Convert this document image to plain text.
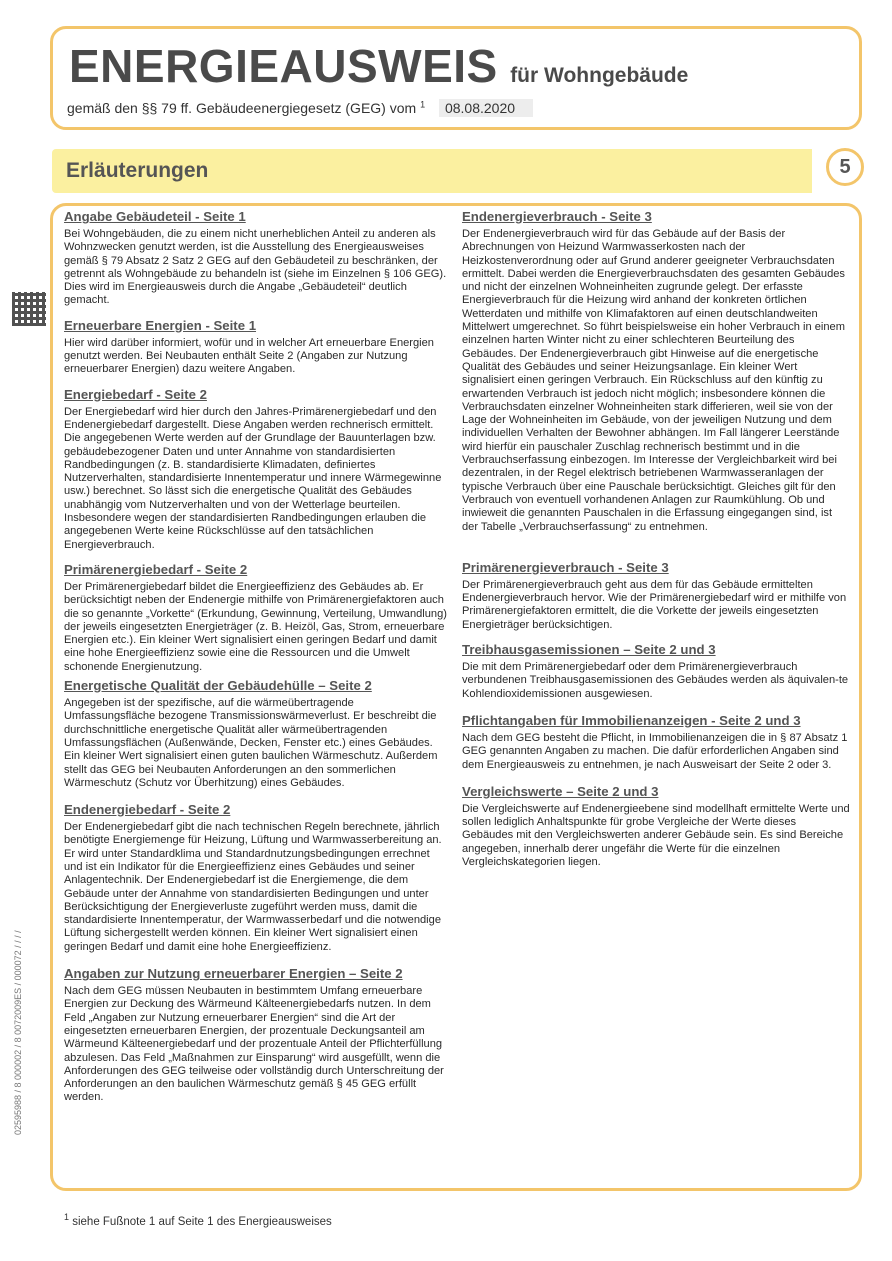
ENERGIEAUSWEIS für Wohngebäude
gemäß den §§ 79 ff. Gebäudeenergiegesetz (GEG) vom $^1$ 08.08.2020
Erläuterungen	5
02595988 / 8 000002 / 8 0072009ES / 000072 / / / /
Angabe Gebäudeteil - Seite 1

Bei Wohngebäuden, die zu einem nicht unerheblichen Anteil zu anderen als Wohnzwecken genutzt werden, ist die Ausstellung des Energieausweises gemäß § 79 Absatz 2 Satz 2 GEG auf den Gebäudeteil zu beschränken, der getrennt als Wohngebäude zu behandeln ist (siehe im Einzelnen § 106 GEG). Dies wird im Energieausweis durch die Angabe „Gebäudeteil“ deutlich gemacht.

Erneuerbare Energien - Seite 1

Hier wird darüber informiert, wofür und in welcher Art erneuerbare Energien genutzt werden. Bei Neubauten enthält Seite 2 (Angaben zur Nutzung erneuerbarer Energien) dazu weitere Angaben.

Energiebedarf - Seite 2

Der Energiebedarf wird hier durch den Jahres-Primärenergiebedarf und den Endenergiebedarf dargestellt. Diese Angaben werden rechnerisch ermittelt. Die angegebenen Werte werden auf der Grundlage der Bauunterlagen bzw. gebäudebezogener Daten und unter Annahme von standardisierten Randbedingungen (z. B. standardisierte Klimadaten, definiertes Nutzerverhalten, standardisierte Innentemperatur und innere Wärmegewinne usw.) berechnet. So lässt sich die energetische Qualität des Gebäudes unabhängig vom Nutzerverhalten und von der Wetterlage beurteilen. Insbesondere wegen der standardisierten Randbedingungen erlauben die angegebenen Werte keine Rückschlüsse auf den tatsächlichen Energieverbrauch.

Primärenergiebedarf - Seite 2

Der Primärenergiebedarf bildet die Energieeffizienz des Gebäudes ab. Er berücksichtigt neben der Endenergie mithilfe von Primärenergiefaktoren auch die so genannte „Vorkette“ (Erkundung, Gewinnung, Verteilung, Umwandlung) der jeweils eingesetzten Energieträger (z. B. Heizöl, Gas, Strom, erneuerbare Energien etc.). Ein kleiner Wert signalisiert einen geringen Bedarf und damit eine hohe Energieeffizienz sowie eine die Ressourcen und die Umwelt schonende Energienutzung.

Energetische Qualität der Gebäudehülle – Seite 2

Angegeben ist der spezifische, auf die wärmeübertragende Umfassungsfläche bezogene Transmissionswärmeverlust. Er beschreibt die durchschnittliche energetische Qualität aller wärmeübertragenden Umfassungsflächen (Außenwände, Decken, Fenster etc.) eines Gebäudes. Ein kleiner Wert signalisiert einen guten baulichen Wärmeschutz. Außerdem stellt das GEG bei Neubauten Anforderungen an den sommerlichen Wärmeschutz (Schutz vor Überhitzung) eines Gebäudes.

Endenergiebedarf - Seite 2

Der Endenergiebedarf gibt die nach technischen Regeln berechnete, jährlich benötigte Energiemenge für Heizung, Lüftung und Warmwasserbereitung an. Er wird unter Standardklima und Standardnutzungsbedingungen errechnet und ist ein Indikator für die Energieeffizienz eines Gebäudes und seiner Anlagentechnik. Der Endenergiebedarf ist die Energiemenge, die dem Gebäude unter der Annahme von standardisierten Bedingungen und unter Berücksichtigung der Energieverluste zugeführt werden muss, damit die standardisierte Innentemperatur, der Warmwasserbedarf und die notwendige Lüftung sichergestellt werden können. Ein kleiner Wert signalisiert einen geringen Bedarf und damit eine hohe Energieeffizienz.

Angaben zur Nutzung erneuerbarer Energien – Seite 2

Nach dem GEG müssen Neubauten in bestimmtem Umfang erneuerbare Energien zur Deckung des Wärmeund Kälteenergiebedarfs nutzen. In dem Feld „Angaben zur Nutzung erneuerbarer Energien“ sind die Art der eingesetzten erneuerbaren Energien, der prozentuale Deckungsanteil am Wärmeund Kälteenergiebedarf und der prozentuale Anteil der Pflichterfüllung abzulesen. Das Feld „Maßnahmen zur Einsparung“ wird ausgefüllt, wenn die Anforderungen des GEG teilweise oder vollständig durch Unterschreitung der Anforderungen an den baulichen Wärmeschutz gemäß § 45 GEG erfüllt werden.

Endenergieverbrauch - Seite 3

Der Endenergieverbrauch wird für das Gebäude auf der Basis der Abrechnungen von Heizund Warmwasserkosten nach der Heizkostenverordnung oder auf Grund anderer geeigneter Verbrauchsdaten ermittelt. Dabei werden die Energieverbrauchsdaten des gesamten Gebäudes und nicht der einzelnen Wohneinheiten zugrunde gelegt. Der erfasste Energieverbrauch für die Heizung wird anhand der konkreten örtlichen Wetterdaten und mithilfe von Klimafaktoren auf einen deutschlandweiten Mittelwert umgerechnet. So führt beispielsweise ein hoher Verbrauch in einem einzelnen harten Winter nicht zu einer schlechteren Beurteilung des Gebäudes. Der Endenergieverbrauch gibt Hinweise auf die energetische Qualität des Gebäudes und seiner Heizungsanlage. Ein kleiner Wert signalisiert einen geringen Verbrauch. Ein Rückschluss auf den künftig zu erwartenden Verbrauch ist jedoch nicht möglich; insbesondere können die Verbrauchsdaten einzelner Wohneinheiten stark differieren, weil sie von der Lage der Wohneinheiten im Gebäude, von der jeweiligen Nutzung und dem individuellen Verhalten der Bewohner abhängen. Im Fall längerer Leerstände wird hierfür ein pauschaler Zuschlag rechnerisch bestimmt und in die Verbrauchserfassung einbezogen. Im Interesse der Vergleichbarkeit wird bei dezentralen, in der Regel elektrisch betriebenen Warmwasseranlagen der typische Verbrauch über eine Pauschale berücksichtigt. Gleiches gilt für den Verbrauch von eventuell vorhandenen Anlagen zur Raumkühlung. Ob und inwieweit die genannten Pauschalen in die Erfassung eingegangen sind, ist der Tabelle „Verbrauchserfassung“ zu entnehmen.

Primärenergieverbrauch - Seite 3

Der Primärenergieverbrauch geht aus dem für das Gebäude ermittelten Endenergieverbrauch hervor. Wie der Primärenergiebedarf wird er mithilfe von Primärenergiefaktoren ermittelt, die die Vorkette der jeweils eingesetzten Energieträger berücksichtigen.

Treibhausgasemissionen – Seite 2 und 3

Die mit dem Primärenergiebedarf oder dem Primärenergieverbrauch verbundenen Treibhausgasemissionen des Gebäudes werden als äquivalen-te Kohlendioxidemissionen ausgewiesen.

Pflichtangaben für Immobilienanzeigen - Seite 2 und 3

Nach dem GEG besteht die Pflicht, in Immobilienanzeigen die in § 87 Absatz 1 GEG genannten Angaben zu machen. Die dafür erforderlichen Angaben sind dem Energieausweis zu entnehmen, je nach Ausweisart der Seite 2 oder 3.

Vergleichswerte – Seite 2 und 3

Die Vergleichswerte auf Endenergieebene sind modellhaft ermittelte Werte und sollen lediglich Anhaltspunkte für grobe Vergleiche der Werte dieses Gebäudes mit den Vergleichswerten anderer Gebäude sein. Es sind Bereiche angegeben, innerhalb derer ungefähr die Werte für die einzelnen Vergleichskategorien liegen.

$^1$ siehe Fußnote 1 auf Seite 1 des Energieausweises
